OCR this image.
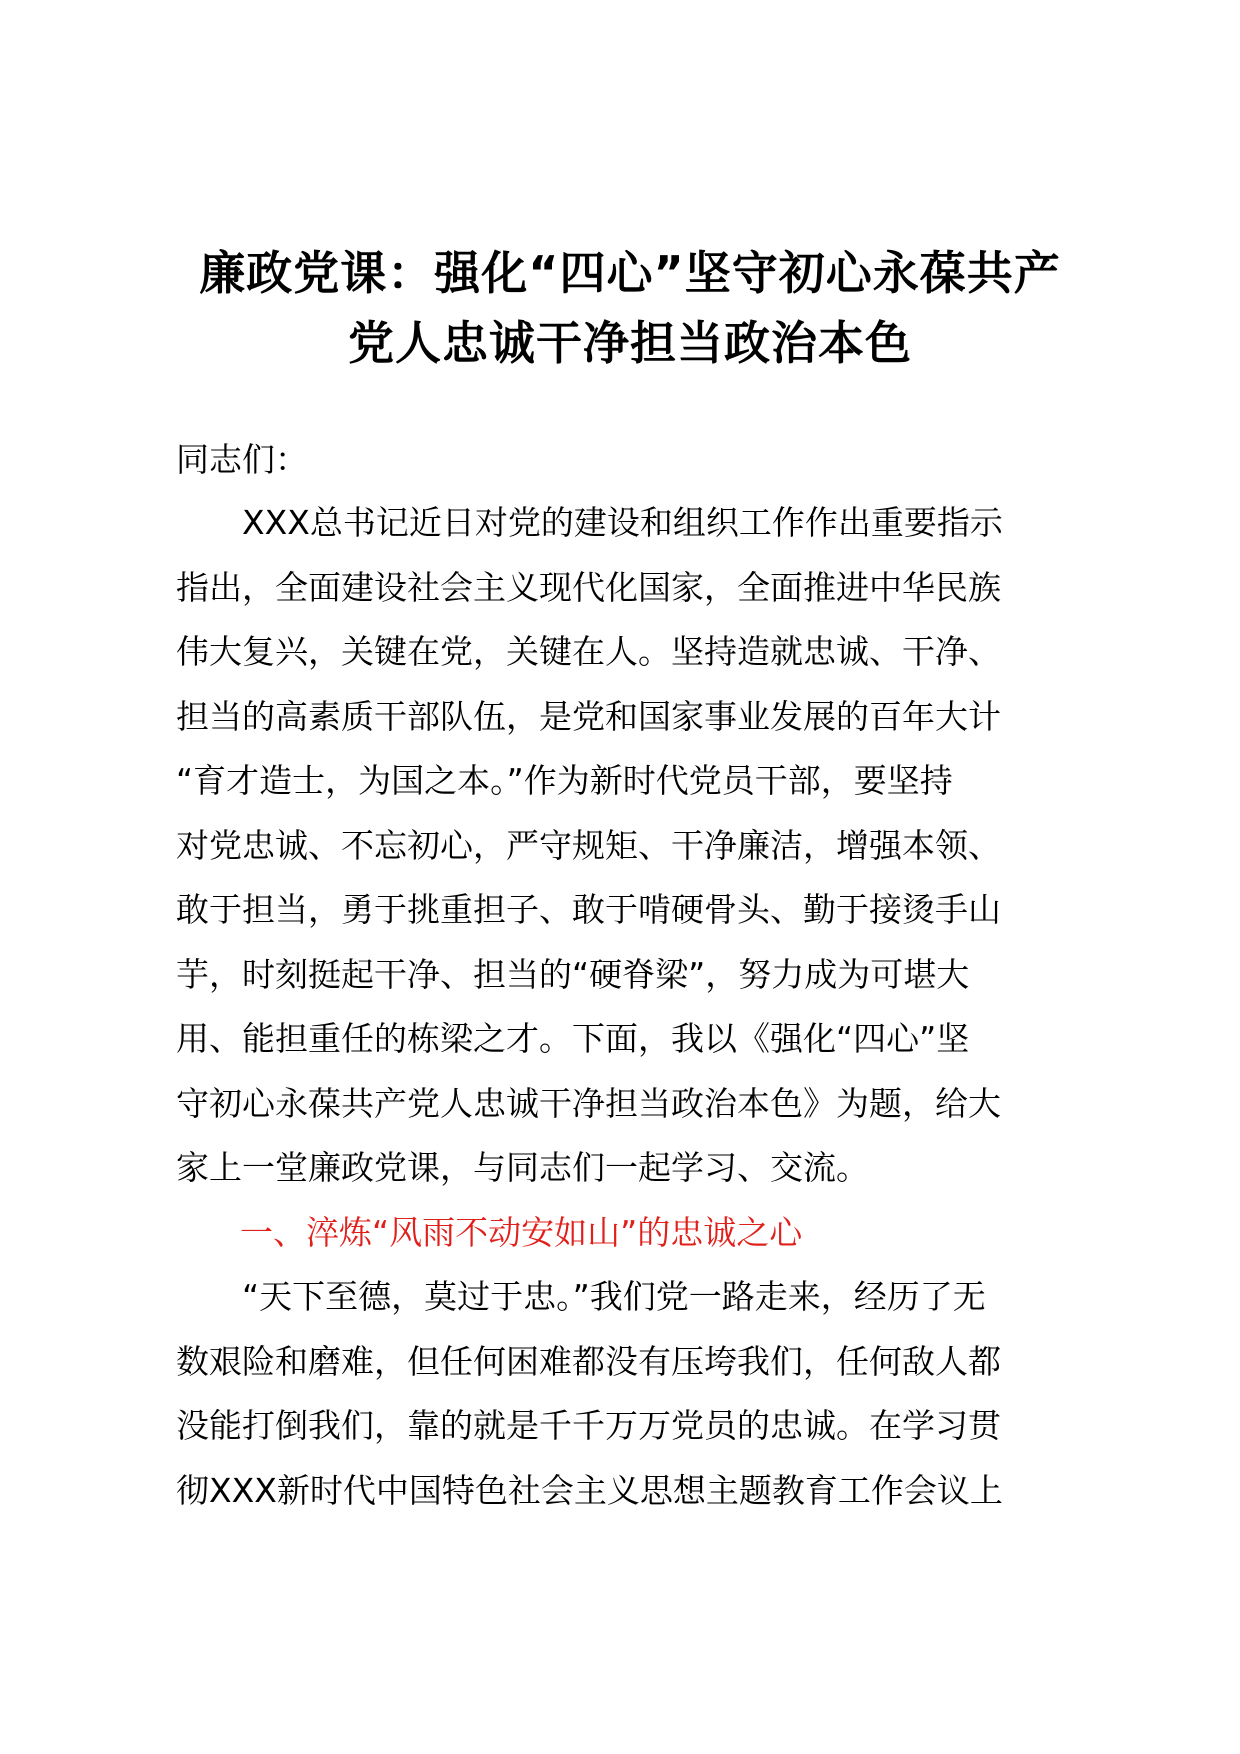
廉政党课：强化“四心”坚守初心永葆共产
党人忠诚干净担当政治本色
同志们：
XXX总书记近日对党的建设和组织工作作出重要指示
指出，全面建设社会主义现代化国家，全面推进中华民族
伟大复兴，关键在党，关键在人。坚持造就忠诚、干净、
担当的高素质干部队伍，是党和国家事业发展的百年大计
“育才造士，为国之本。”作为新时代党员干部，要坚持
对党忠诚、不忘初心，严守规矩、干净廉洁，增强本领、
敢于担当，勇于挑重担子、敢于啃硬骨头、勤于接烫手山
芋，时刻挺起干净、担当的“硬脊梁”，努力成为可堪大
用、能担重任的栋梁之才。下面，我以《强化“四心”坚
守初心永葆共产党人忠诚干净担当政治本色》为题，给大
家上一堂廉政党课，与同志们一起学习、交流。
一、淬炼“风雨不动安如山”的忠诚之心
“天下至德，莫过于忠。”我们党一路走来，经历了无
数艰险和磨难，但任何困难都没有压垮我们，任何敌人都
没能打倒我们，靠的就是千千万万党员的忠诚。在学习贯
彻XXX新时代中国特色社会主义思想主题教育工作会议上
